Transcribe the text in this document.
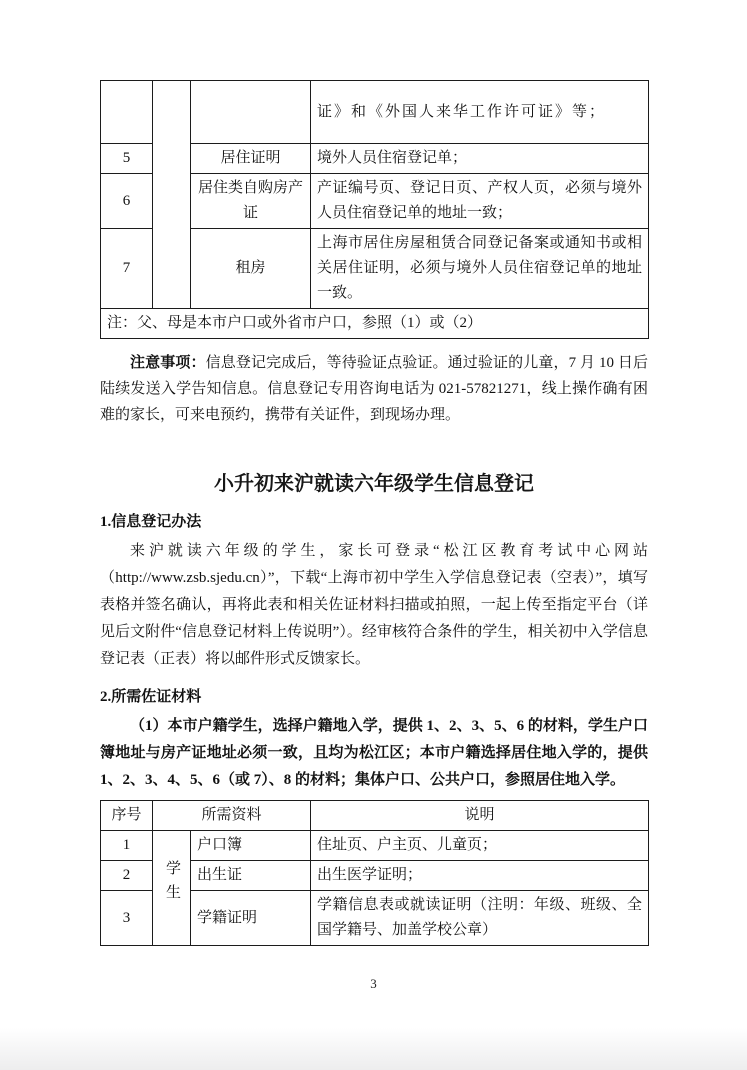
			证》和《外国人来华工作许可证》等；
5		居住证明	境外人员住宿登记单；
6		居住类自购房产证	产证编号页、登记日页、产权人页，必须与境外人员住宿登记单的地址一致；
7		租房	上海市居住房屋租赁合同登记备案或通知书或相关居住证明，必须与境外人员住宿登记单的地址一致。
注：父、母是本市户口或外省市户口，参照（1）或（2）			

注意事项：信息登记完成后，等待验证点验证。通过验证的儿童，7 月 10 日后陆续发送入学告知信息。信息登记专用咨询电话为 021-57821271，线上操作确有困难的家长，可来电预约，携带有关证件，到现场办理。

小升初来沪就读六年级学生信息登记
1.信息登记办法

来沪就读六年级的学生，家长可登录“松江区教育考试中心网站（http://www.zsb.sjedu.cn）”，下载“上海市初中学生入学信息登记表（空表）”，填写表格并签名确认，再将此表和相关佐证材料扫描或拍照，一起上传至指定平台（详见后文附件“信息登记材料上传说明”）。经审核符合条件的学生，相关初中入学信息登记表（正表）将以邮件形式反馈家长。

2.所需佐证材料

（1）本市户籍学生，选择户籍地入学，提供 1、2、3、5、6 的材料，学生户口簿地址与房产证地址必须一致，且均为松江区；本市户籍选择居住地入学的，提供 1、2、3、4、5、6（或 7）、8 的材料；集体户口、公共户口，参照居住地入学。

序号	所需资料		说明
1	学生	户口簿	住址页、户主页、儿童页；
2		出生证	出生医学证明；
3		学籍证明	学籍信息表或就读证明（注明：年级、班级、全国学籍号、加盖学校公章）
3
